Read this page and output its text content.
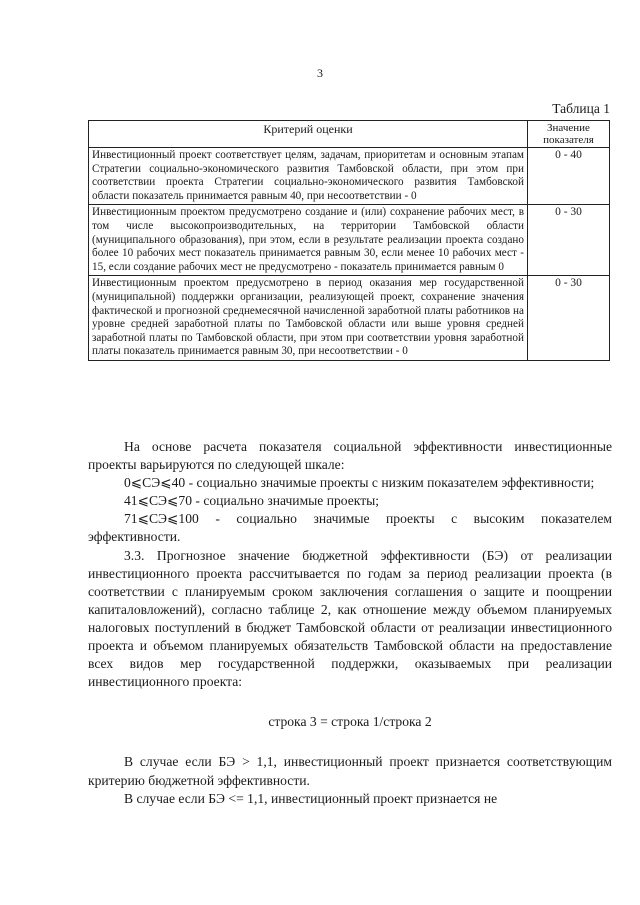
3
Таблица 1
Критерий оценки	Значение показателя
Инвестиционный проект соответствует целям, задачам, приоритетам и основным этапам Стратегии социально-экономического развития Тамбовской области, при этом при соответствии проекта Стратегии социально-экономического развития Тамбовской области показатель принимается равным 40, при несоответствии - 0	0 - 40
Инвестиционным проектом предусмотрено создание и (или) сохранение рабочих мест, в том числе высокопроизводительных, на территории Тамбовской области (муниципального образования), при этом, если в результате реализации проекта создано более 10 рабочих мест показатель принимается равным 30, если менее 10 рабочих мест - 15, если создание рабочих мест не предусмотрено - показатель принимается равным 0	0 - 30
Инвестиционным проектом предусмотрено в период оказания мер государственной (муниципальной) поддержки организации, реализующей проект, сохранение значения фактической и прогнозной среднемесячной начисленной заработной платы работников на уровне средней заработной платы по Тамбовской области или выше уровня средней заработной платы по Тамбовской области, при этом при соответствии уровня заработной платы показатель принимается равным 30, при несоответствии - 0	0 - 30

На основе расчета показателя социальной эффективности инвестиционные проекты варьируются по следующей шкале:

0⩽СЭ⩽40 - социально значимые проекты с низким показателем эффективности;

41⩽СЭ⩽70 - социально значимые проекты;

71⩽СЭ⩽100 - социально значимые проекты с высоким показателем эффективности.

3.3. Прогнозное значение бюджетной эффективности (БЭ) от реализации инвестиционного проекта рассчитывается по годам за период реализации проекта (в соответствии с планируемым сроком заключения соглашения о защите и поощрении капиталовложений), согласно таблице 2, как отношение между объемом планируемых налоговых поступлений в бюджет Тамбовской области от реализации инвестиционного проекта и объемом планируемых обязательств Тамбовской области на предоставление всех видов мер государственной поддержки, оказываемых при реализации инвестиционного проекта:

строка 3 = строка 1/строка 2

В случае если БЭ > 1,1, инвестиционный проект признается соответствующим критерию бюджетной эффективности.

В случае если БЭ <= 1,1, инвестиционный проект признается не
